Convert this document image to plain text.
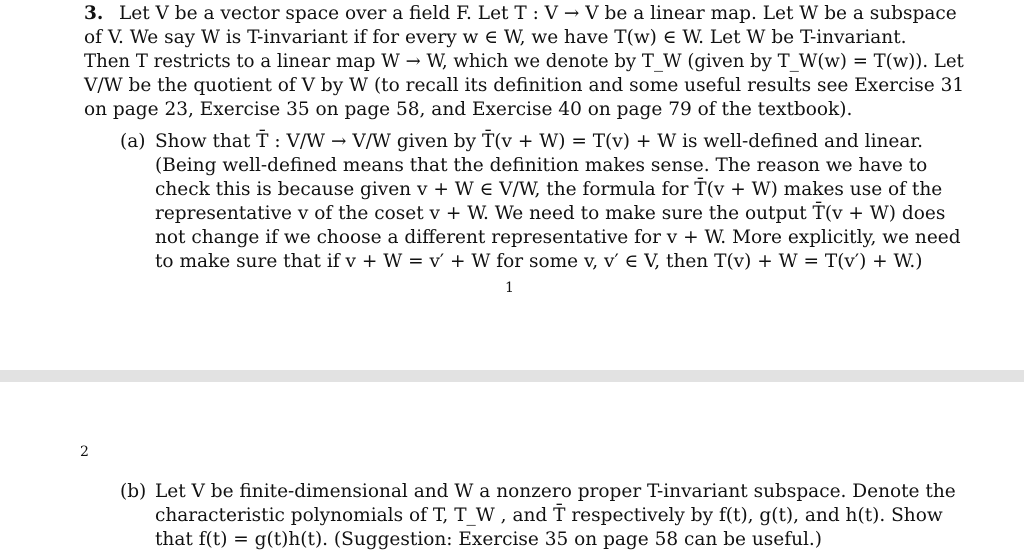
3. Let V be a vector space over a field F. Let T : V → V be a linear map. Let W be a subspace
of V. We say W is T-invariant if for every w ∈ W, we have T(w) ∈ W. Let W be T-invariant.
Then T restricts to a linear map W → W, which we denote by T_W (given by T_W(w) = T(w)). Let
V/W be the quotient of V by W (to recall its definition and some useful results see Exercise 31
on page 23, Exercise 35 on page 58, and Exercise 40 on page 79 of the textbook).
(a) Show that T̄ : V/W → V/W given by T̄(v + W) = T(v) + W is well-defined and linear.
(Being well-defined means that the definition makes sense. The reason we have to
check this is because given v + W ∈ V/W, the formula for T̄(v + W) makes use of the
representative v of the coset v + W. We need to make sure the output T̄(v + W) does
not change if we choose a different representative for v + W. More explicitly, we need
to make sure that if v + W = v′ + W for some v, v′ ∈ V, then T(v) + W = T(v′) + W.)
1
2
(b) Let V be finite-dimensional and W a nonzero proper T-invariant subspace. Denote the
characteristic polynomials of T, T_W , and T̄ respectively by f(t), g(t), and h(t). Show
that f(t) = g(t)h(t). (Suggestion: Exercise 35 on page 58 can be useful.)
